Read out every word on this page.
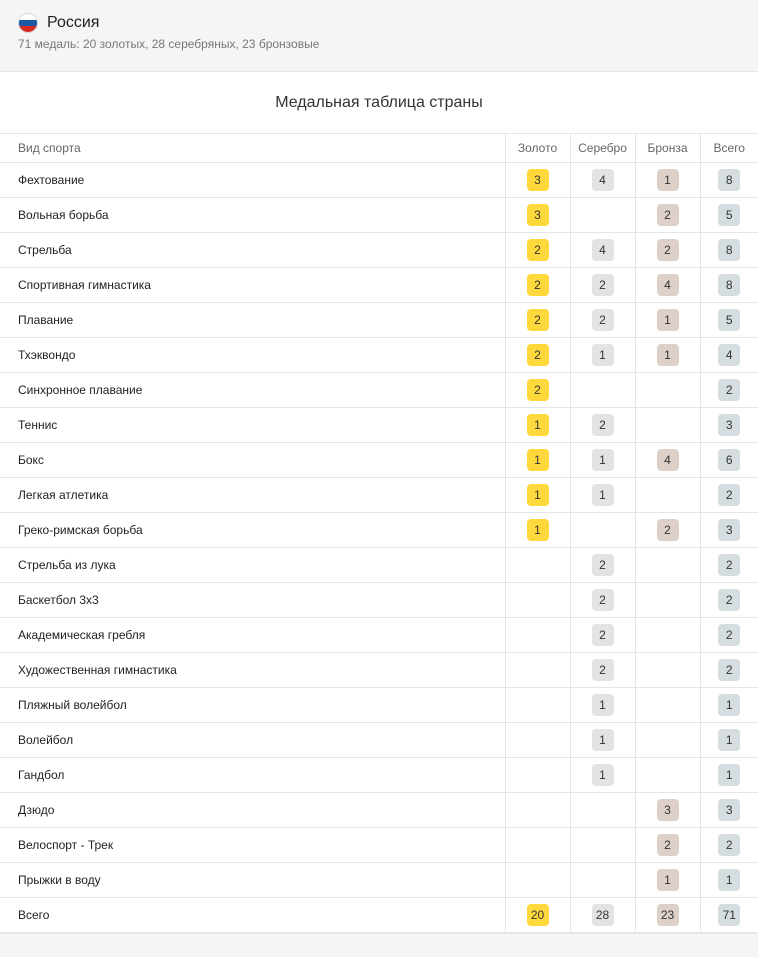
Россия
71 медаль: 20 золотых, 28 серебряных, 23 бронзовые
Медальная таблица страны
Вид спорта	Золото	Серебро	Бронза	Всего
Фехтование	3	4	1	8
Вольная борьба	3		2	5
Стрельба	2	4	2	8
Спортивная гимнастика	2	2	4	8
Плавание	2	2	1	5
Тхэквондо	2	1	1	4
Синхронное плавание	2			2
Теннис	1	2		3
Бокс	1	1	4	6
Легкая атлетика	1	1		2
Греко-римская борьба	1		2	3
Стрельба из лука		2		2
Баскетбол 3х3		2		2
Академическая гребля		2		2
Художественная гимнастика		2		2
Пляжный волейбол		1		1
Волейбол		1		1
Гандбол		1		1
Дзюдо			3	3
Велоспорт - Трек			2	2
Прыжки в воду			1	1
Всего	20	28	23	71
